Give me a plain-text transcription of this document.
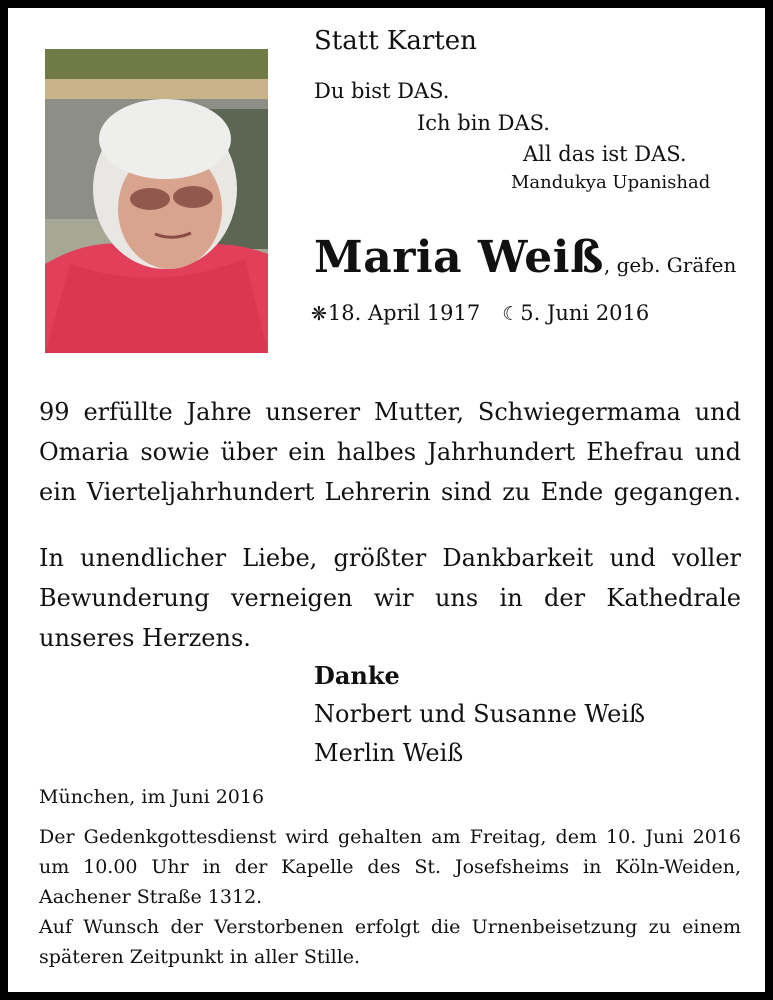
Statt Karten
Du bist DAS.
Ich bin DAS.
All das ist DAS.
Mandukya Upanishad
Maria Weiß, geb. Gräfen
❋18. April 1917 ☾5. Juni 2016
99 erfüllte Jahre unserer Mutter, Schwiegermama und
Omaria sowie über ein halbes Jahrhundert Ehefrau und
ein Vierteljahrhundert Lehrerin sind zu Ende gegangen.
In unendlicher Liebe, größter Dankbarkeit und voller
Bewunderung verneigen wir uns in der Kathedrale
unseres Herzens.
Danke
Norbert und Susanne Weiß
Merlin Weiß
München, im Juni 2016
Der Gedenkgottesdienst wird gehalten am Freitag, dem 10. Juni 2016
um 10.00 Uhr in der Kapelle des St. Josefsheims in Köln-Weiden,
Aachener Straße 1312.
Auf Wunsch der Verstorbenen erfolgt die Urnenbeisetzung zu einem
späteren Zeitpunkt in aller Stille.
